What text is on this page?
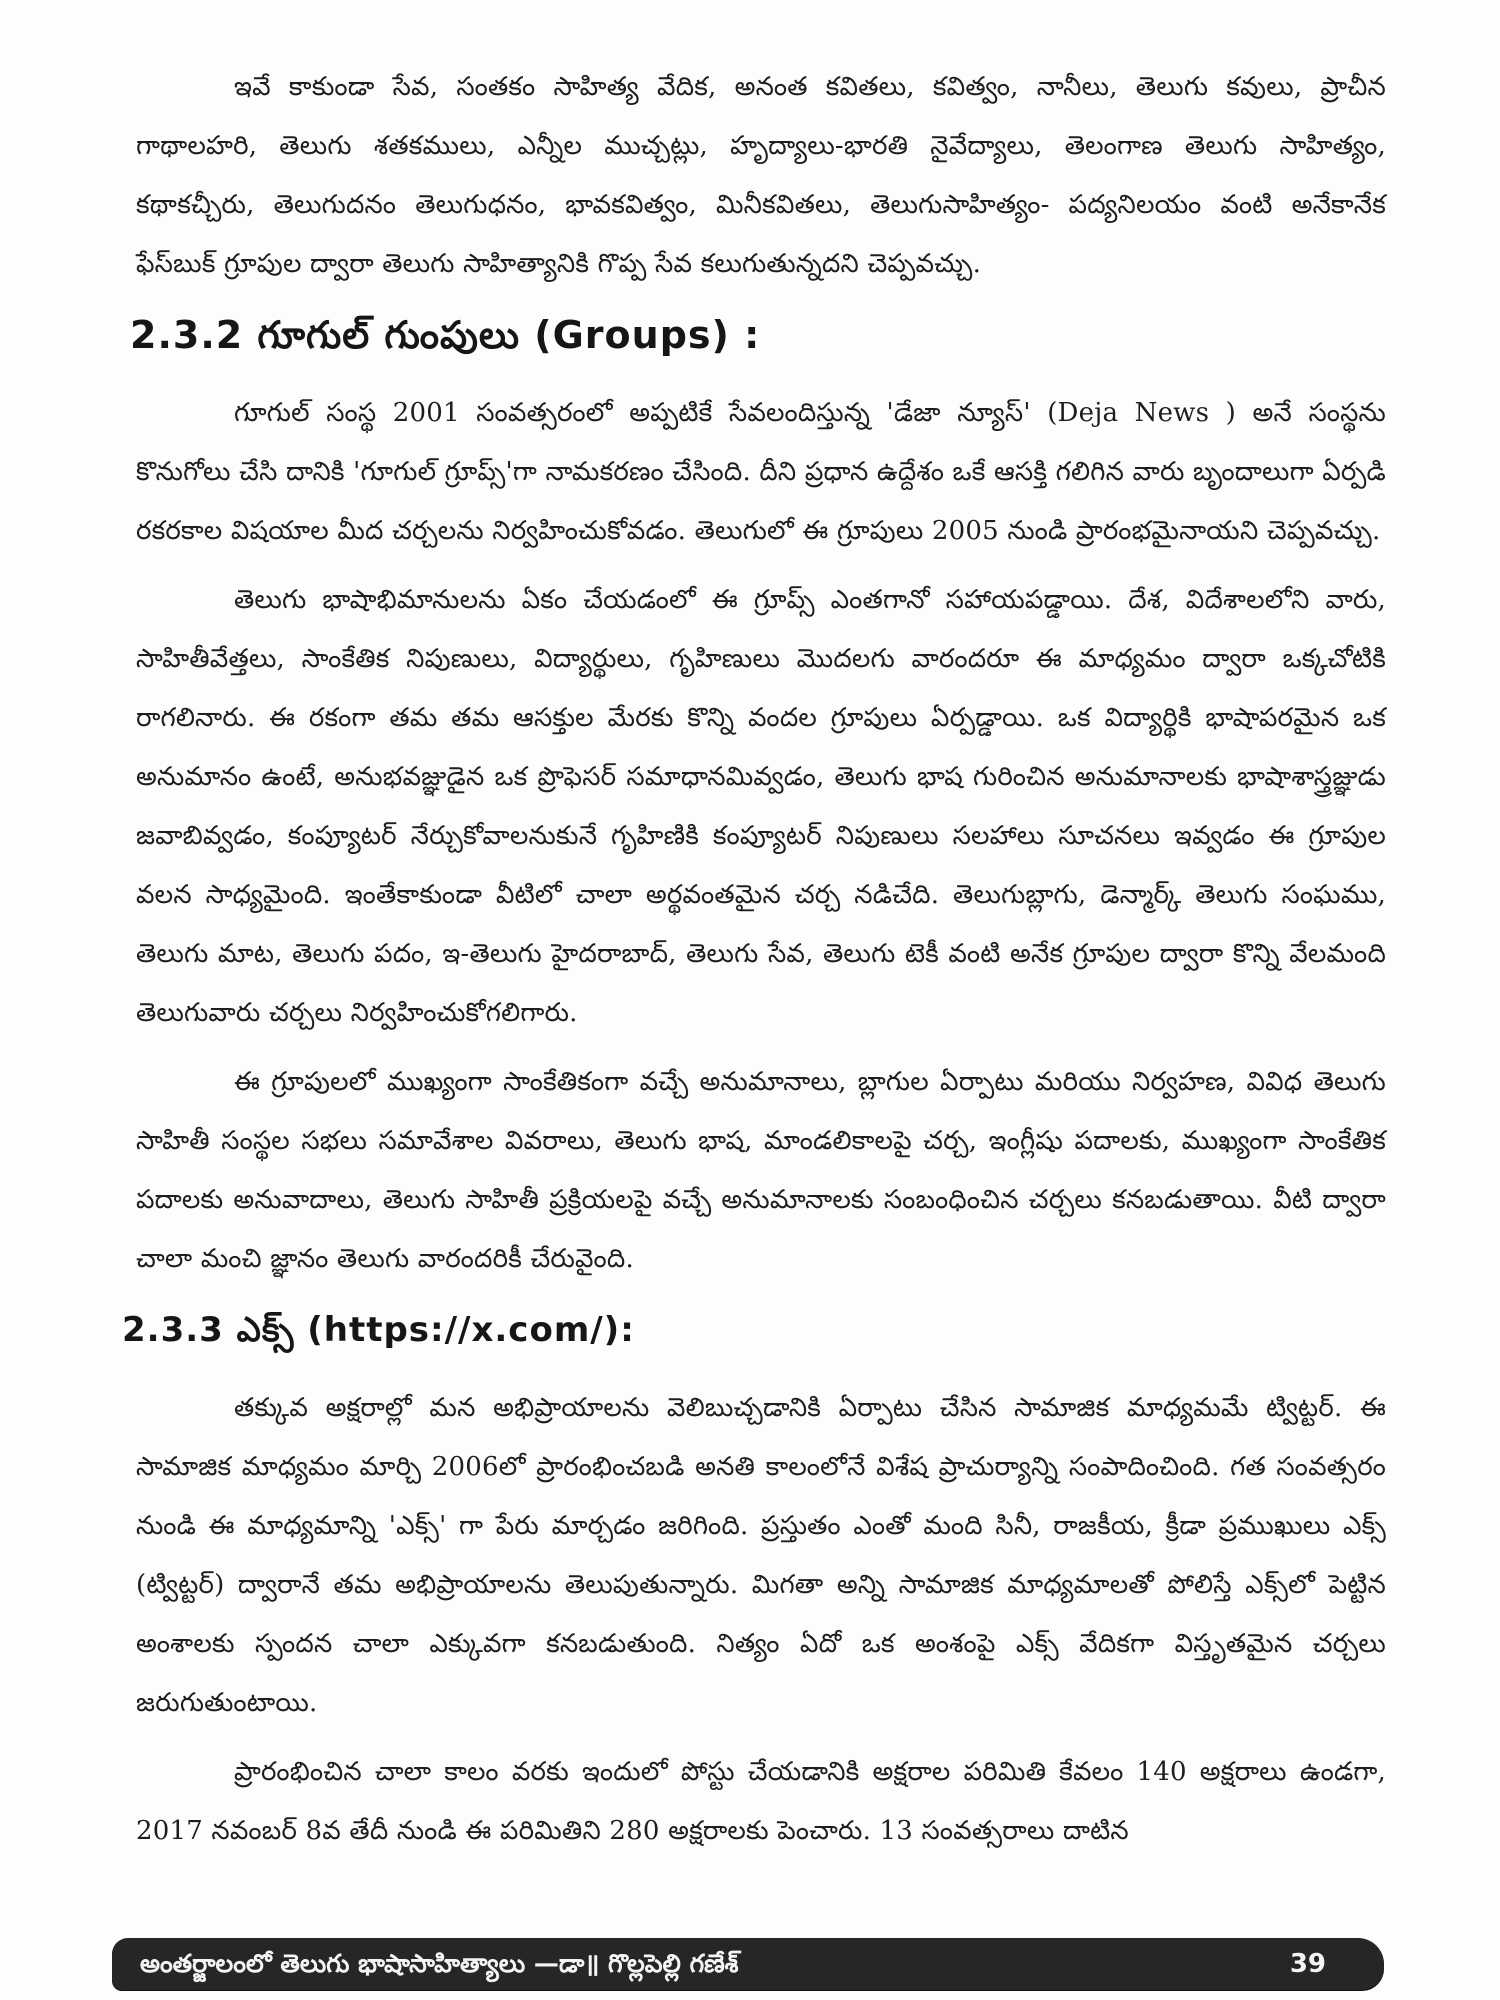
ఇవే కాకుండా సేవ, సంతకం సాహిత్య వేదిక, అనంత కవితలు, కవిత్వం, నానీలు, తెలుగు కవులు, ప్రాచీన గాథాలహరి, తెలుగు శతకములు, ఎన్నీల ముచ్చట్లు, హృద్యాలు-భారతి నైవేద్యాలు, తెలంగాణ తెలుగు సాహిత్యం, కథాకచ్చీరు, తెలుగుదనం తెలుగుధనం, భావకవిత్వం, మినీకవితలు, తెలుగుసాహిత్యం- పద్యనిలయం వంటి అనేకానేక ఫేస్‌బుక్ గ్రూపుల ద్వారా తెలుగు సాహిత్యానికి గొప్ప సేవ కలుగుతున్నదని చెప్పవచ్చు.

2.3.2 గూగుల్ గుంపులు (Groups) :

గూగుల్ సంస్థ 2001 సంవత్సరంలో అప్పటికే సేవలందిస్తున్న 'డేజా న్యూస్' (Deja News ) అనే సంస్థను కొనుగోలు చేసి దానికి 'గూగుల్ గ్రూప్స్'గా నామకరణం చేసింది. దీని ప్రధాన ఉద్దేశం ఒకే ఆసక్తి గలిగిన వారు బృందాలుగా ఏర్పడి రకరకాల విషయాల మీద చర్చలను నిర్వహించుకోవడం. తెలుగులో ఈ గ్రూపులు 2005 నుండి ప్రారంభమైనాయని చెప్పవచ్చు.

తెలుగు భాషాభిమానులను ఏకం చేయడంలో ఈ గ్రూప్స్ ఎంతగానో సహాయపడ్డాయి. దేశ, విదేశాలలోని వారు, సాహితీవేత్తలు, సాంకేతిక నిపుణులు, విద్యార్థులు, గృహిణులు మొదలగు వారందరూ ఈ మాధ్యమం ద్వారా ఒక్కచోటికి రాగలినారు. ఈ రకంగా తమ తమ ఆసక్తుల మేరకు కొన్ని వందల గ్రూపులు ఏర్పడ్డాయి. ఒక విద్యార్థికి భాషాపరమైన ఒక అనుమానం ఉంటే, అనుభవజ్ఞుడైన ఒక ప్రొఫెసర్ సమాధానమివ్వడం, తెలుగు భాష గురించిన అనుమానాలకు భాషాశాస్త్రజ్ఞుడు జవాబివ్వడం, కంప్యూటర్ నేర్చుకోవాలనుకునే గృహిణికి కంప్యూటర్ నిపుణులు సలహాలు సూచనలు ఇవ్వడం ఈ గ్రూపుల వలన సాధ్యమైంది. ఇంతేకాకుండా వీటిలో చాలా అర్థవంతమైన చర్చ నడిచేది. తెలుగుబ్లాగు, డెన్మార్క్ తెలుగు సంఘము, తెలుగు మాట, తెలుగు పదం, ఇ-తెలుగు హైదరాబాద్, తెలుగు సేవ, తెలుగు టెకీ వంటి అనేక గ్రూపుల ద్వారా కొన్ని వేలమంది తెలుగువారు చర్చలు నిర్వహించుకోగలిగారు.

ఈ గ్రూపులలో ముఖ్యంగా సాంకేతికంగా వచ్చే అనుమానాలు, బ్లాగుల ఏర్పాటు మరియు నిర్వహణ, వివిధ తెలుగు సాహితీ సంస్థల సభలు సమావేశాల వివరాలు, తెలుగు భాష, మాండలికాలపై చర్చ, ఇంగ్లీషు పదాలకు, ముఖ్యంగా సాంకేతిక పదాలకు అనువాదాలు, తెలుగు సాహితీ ప్రక్రియలపై వచ్చే అనుమానాలకు సంబంధించిన చర్చలు కనబడుతాయి. వీటి ద్వారా చాలా మంచి జ్ఞానం తెలుగు వారందరికీ చేరువైంది.

2.3.3 ఎక్స్ (https://x.com/):

తక్కువ అక్షరాల్లో మన అభిప్రాయాలను వెలిబుచ్చడానికి ఏర్పాటు చేసిన సామాజిక మాధ్యమమే ట్విట్టర్. ఈ సామాజిక మాధ్యమం మార్చి 2006లో ప్రారంభించబడి అనతి కాలంలోనే విశేష ప్రాచుర్యాన్ని సంపాదించింది. గత సంవత్సరం నుండి ఈ మాధ్యమాన్ని 'ఎక్స్' గా పేరు మార్చడం జరిగింది. ప్రస్తుతం ఎంతో మంది సినీ, రాజకీయ, క్రీడా ప్రముఖులు ఎక్స్ (ట్విట్టర్) ద్వారానే తమ అభిప్రాయాలను తెలుపుతున్నారు. మిగతా అన్ని సామాజిక మాధ్యమాలతో పోలిస్తే ఎక్స్‌లో పెట్టిన అంశాలకు స్పందన చాలా ఎక్కువగా కనబడుతుంది. నిత్యం ఏదో ఒక అంశంపై ఎక్స్ వేదికగా విస్తృతమైన చర్చలు జరుగుతుంటాయి.

ప్రారంభించిన చాలా కాలం వరకు ఇందులో పోస్టు చేయడానికి అక్షరాల పరిమితి కేవలం 140 అక్షరాలు ఉండగా, 2017 నవంబర్ 8వ తేదీ నుండి ఈ పరిమితిని 280 అక్షరాలకు పెంచారు. 13 సంవత్సరాలు దాటిన

అంతర్జాలంలో తెలుగు భాషాసాహిత్యాలు —డా॥ గొల్లపెల్లి గణేశ్	39
